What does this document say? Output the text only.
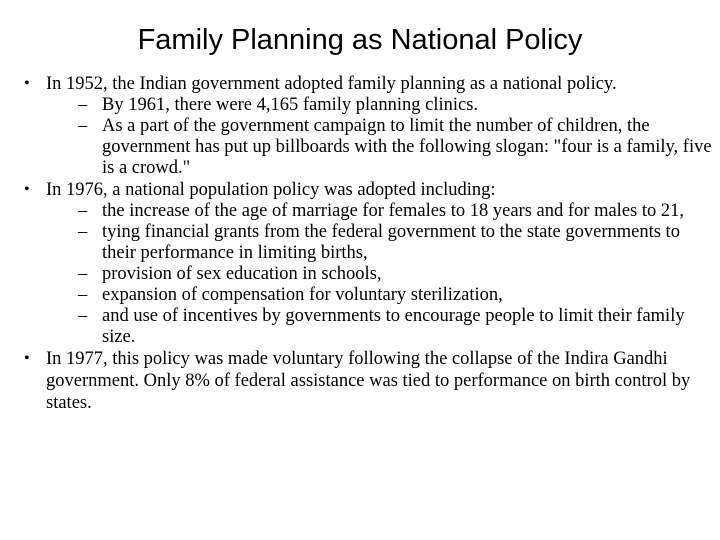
Family Planning as National Policy
• In 1952, the Indian government adopted family planning as a national policy.
– By 1961, there were 4,165 family planning clinics.
– As a part of the government campaign to limit the number of children, the government has put up billboards with the following slogan: "four is a family, five is a crowd."
• In 1976, a national population policy was adopted including:
– the increase of the age of marriage for females to 18 years and for males to 21,
– tying financial grants from the federal government to the state governments to their performance in limiting births,
– provision of sex education in schools,
– expansion of compensation for voluntary sterilization,
– and use of incentives by governments to encourage people to limit their family size.
• In 1977, this policy was made voluntary following the collapse of the Indira Gandhi government. Only 8% of federal assistance was tied to performance on birth control by states.
